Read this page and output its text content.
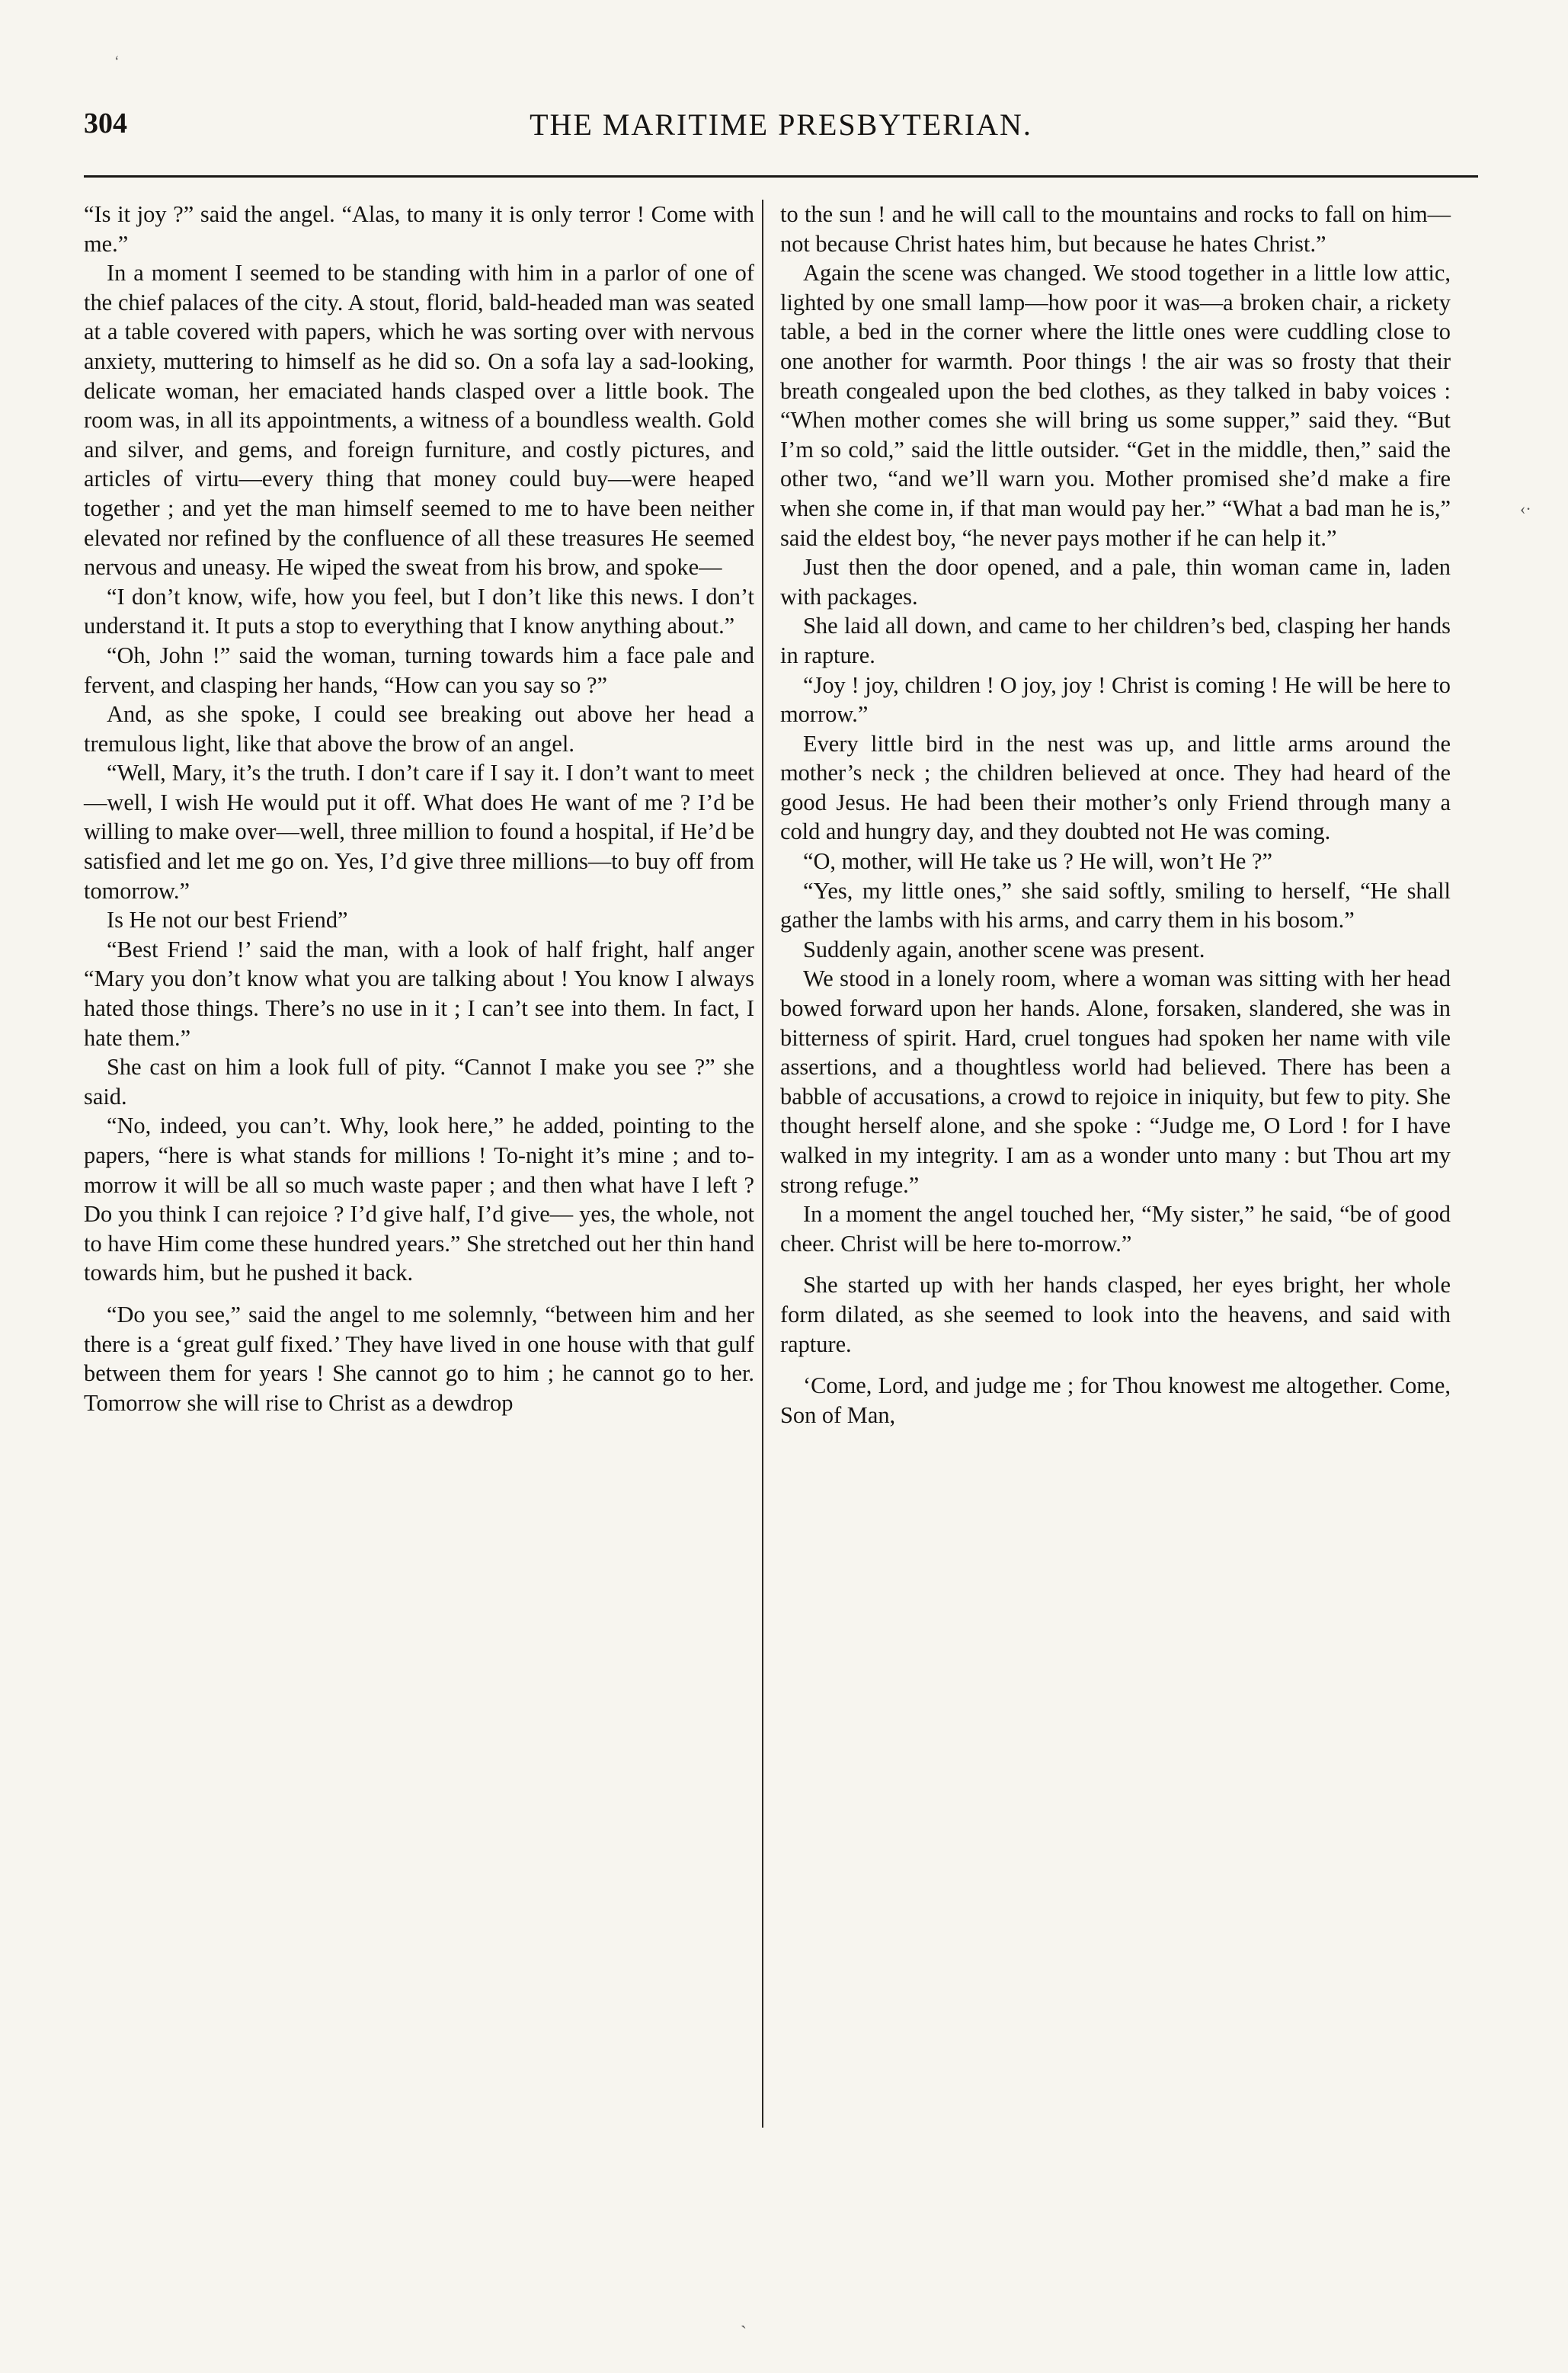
ʻ
304	THE MARITIME PRESBYTERIAN.

“Is it joy ?” said the angel. “Alas, to many it is only terror ! Come with me.”

In a moment I seemed to be standing with him in a parlor of one of the chief palaces of the city. A stout, florid, bald-headed man was seated at a table covered with papers, which he was sorting over with nervous anxiety, muttering to himself as he did so. On a sofa lay a sad-looking, delicate woman, her emaciated hands clasped over a little book. The room was, in all its appointments, a witness of a boundless wealth. Gold and silver, and gems, and foreign furniture, and costly pictures, and articles of virtu—every thing that money could buy—were heaped together ; and yet the man himself seemed to me to have been neither elevated nor refined by the confluence of all these treasures He seemed nervous and uneasy. He wiped the sweat from his brow, and spoke—

“I don’t know, wife, how you feel, but I don’t like this news. I don’t understand it. It puts a stop to everything that I know anything about.”

“Oh, John !” said the woman, turning towards him a face pale and fervent, and clasping her hands, “How can you say so ?”

And, as she spoke, I could see breaking out above her head a tremulous light, like that above the brow of an angel.

“Well, Mary, it’s the truth. I don’t care if I say it. I don’t want to meet—well, I wish He would put it off. What does He want of me ? I’d be willing to make over—well, three million to found a hospital, if He’d be satisfied and let me go on. Yes, I’d give three millions—to buy off from tomorrow.”

Is He not our best Friend”

“Best Friend !’ said the man, with a look of half fright, half anger “Mary you don’t know what you are talking about ! You know I always hated those things. There’s no use in it ; I can’t see into them. In fact, I hate them.”

She cast on him a look full of pity. “Cannot I make you see ?” she said.

“No, indeed, you can’t. Why, look here,” he added, pointing to the papers, “here is what stands for millions ! To-night it’s mine ; and to-morrow it will be all so much waste paper ; and then what have I left ? Do you think I can rejoice ? I’d give half, I’d give— yes, the whole, not to have Him come these hundred years.” She stretched out her thin hand towards him, but he pushed it back.

“Do you see,” said the angel to me solemnly, “between him and her there is a ‘great gulf fixed.’ They have lived in one house with that gulf between them for years ! She cannot go to him ; he cannot go to her. Tomorrow she will rise to Christ as a dewdrop

to the sun ! and he will call to the mountains and rocks to fall on him—not because Christ hates him, but because he hates Christ.”

Again the scene was changed. We stood together in a little low attic, lighted by one small lamp—how poor it was—a broken chair, a rickety table, a bed in the corner where the little ones were cuddling close to one another for warmth. Poor things ! the air was so frosty that their breath congealed upon the bed clothes, as they talked in baby voices : “When mother comes she will bring us some supper,” said they. “But I’m so cold,” said the little outsider. “Get in the middle, then,” said the other two, “and we’ll warn you. Mother promised she’d make a fire when she come in, if that man would pay her.” “What a bad man he is,” said the eldest boy, “he never pays mother if he can help it.”

Just then the door opened, and a pale, thin woman came in, laden with packages.

She laid all down, and came to her children’s bed, clasping her hands in rapture.

“Joy ! joy, children ! O joy, joy ! Christ is coming ! He will be here to morrow.”

Every little bird in the nest was up, and little arms around the mother’s neck ; the children believed at once. They had heard of the good Jesus. He had been their mother’s only Friend through many a cold and hungry day, and they doubted not He was coming.

“O, mother, will He take us ? He will, won’t He ?”

“Yes, my little ones,” she said softly, smiling to herself, “He shall gather the lambs with his arms, and carry them in his bosom.”

Suddenly again, another scene was present.

We stood in a lonely room, where a woman was sitting with her head bowed forward upon her hands. Alone, forsaken, slandered, she was in bitterness of spirit. Hard, cruel tongues had spoken her name with vile assertions, and a thoughtless world had believed. There has been a babble of accusations, a crowd to rejoice in iniquity, but few to pity. She thought herself alone, and she spoke : “Judge me, O Lord ! for I have walked in my integrity. I am as a wonder unto many : but Thou art my strong refuge.”

In a moment the angel touched her, “My sister,” he said, “be of good cheer. Christ will be here to-morrow.”

She started up with her hands clasped, her eyes bright, her whole form dilated, as she seemed to look into the heavens, and said with rapture.

‘Come, Lord, and judge me ; for Thou knowest me altogether. Come, Son of Man,

‹·
ˎ
